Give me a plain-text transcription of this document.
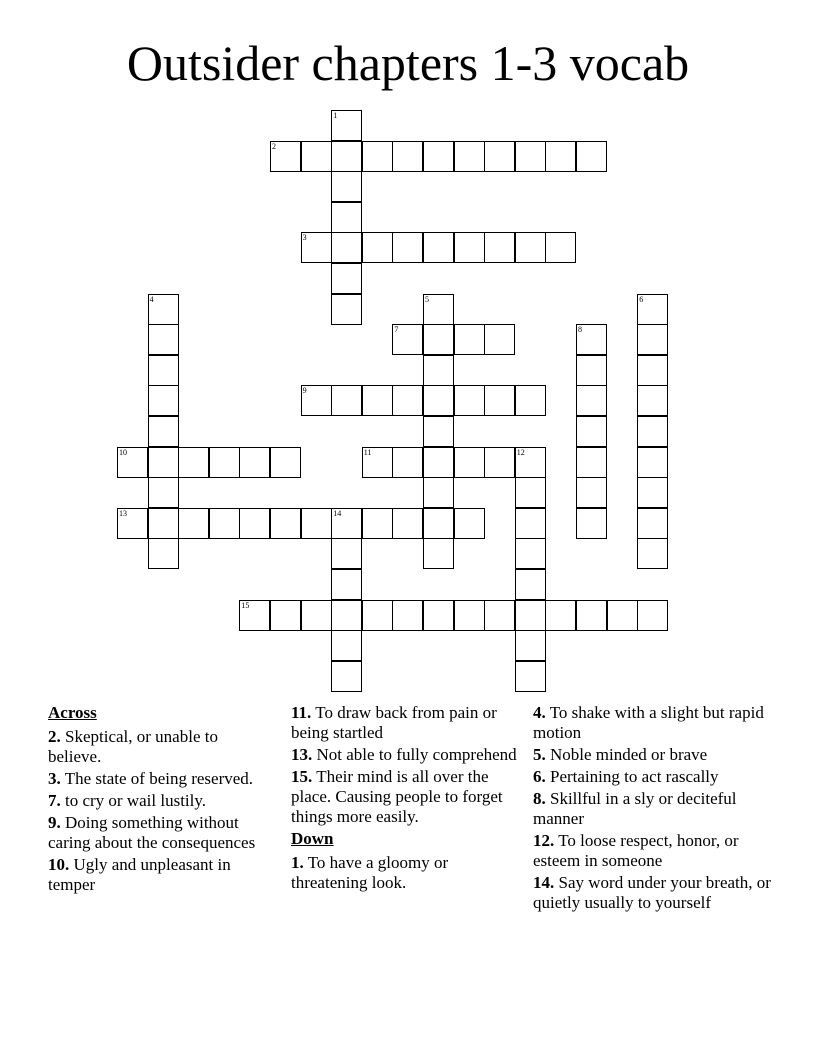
Outsider chapters 1-3 vocab
1
2
3
4	5	6
7	8
9
10	11	12
13	14
15
Across
2. Skeptical, or unable to believe.
3. The state of being reserved.
7. to cry or wail lustily.
9. Doing something without caring about the consequences
10. Ugly and unpleasant in temper
11. To draw back from pain or being startled
13. Not able to fully comprehend
15. Their mind is all over the place. Causing people to forget things more easily.
Down
1. To have a gloomy or threatening look.
4. To shake with a slight but rapid motion
5. Noble minded or brave
6. Pertaining to act rascally
8. Skillful in a sly or deciteful manner
12. To loose respect, honor, or esteem in someone
14. Say word under your breath, or quietly usually to yourself
